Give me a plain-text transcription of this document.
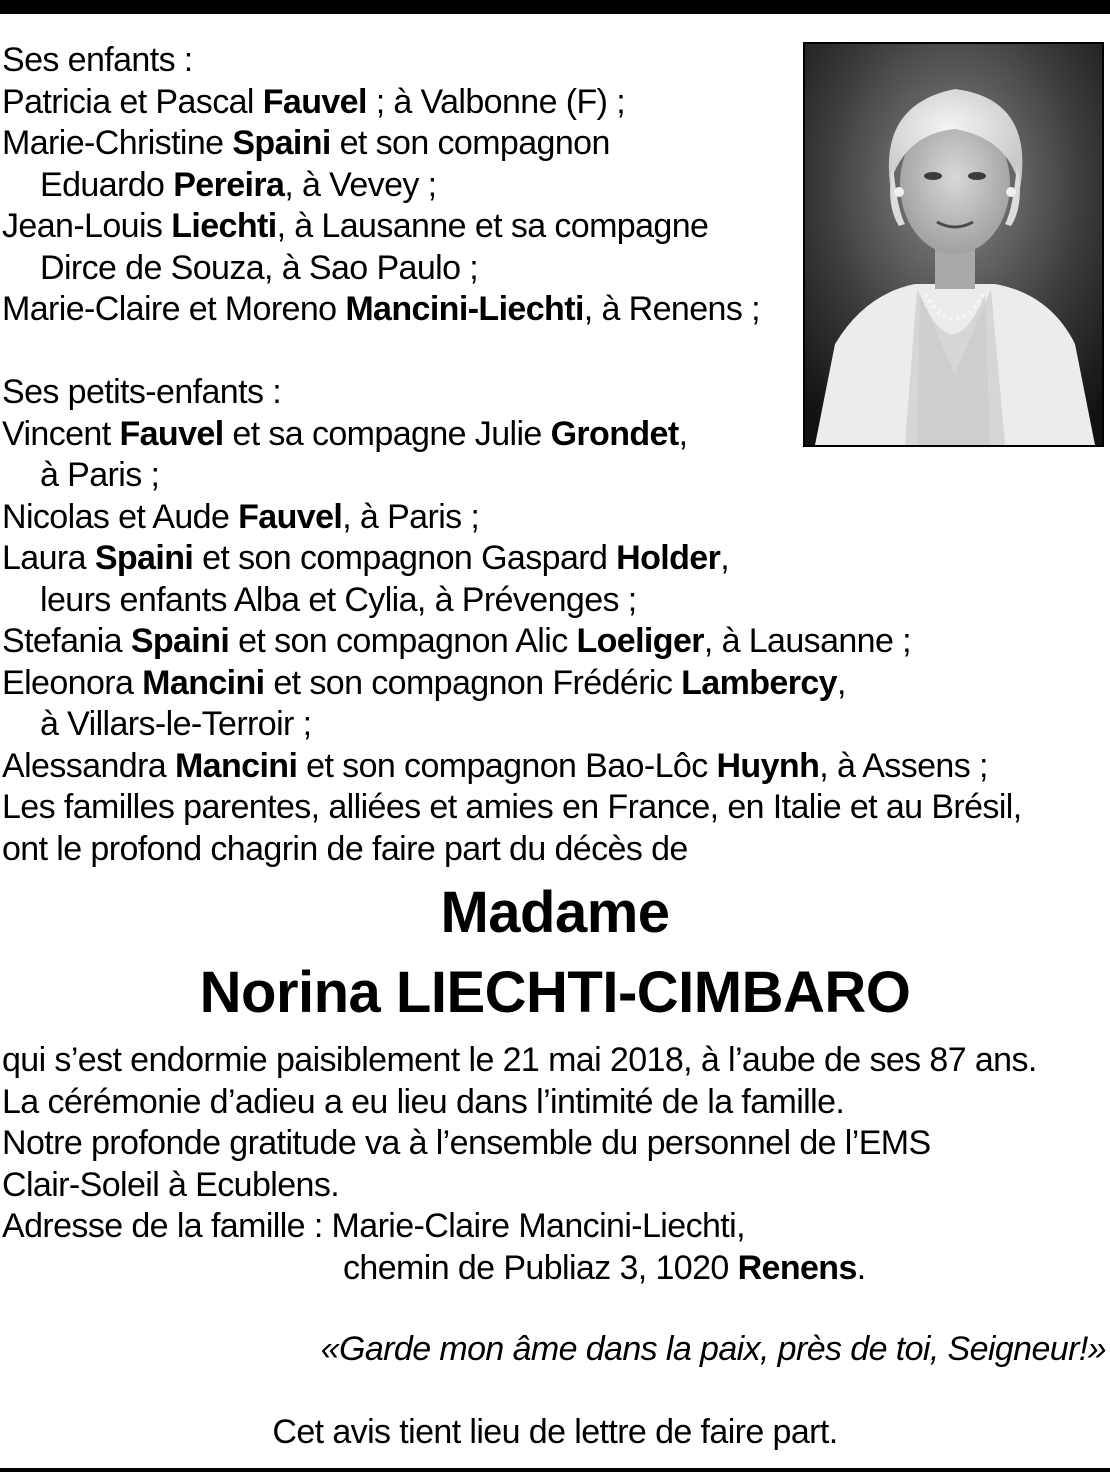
Ses enfants :
Patricia et Pascal Fauvel ; à Valbonne (F) ;
Marie-Christine Spaini et son compagnon
Eduardo Pereira, à Vevey ;
Jean-Louis Liechti, à Lausanne et sa compagne
Dirce de Souza, à Sao Paulo ;
Marie-Claire et Moreno Mancini-Liechti, à Renens ;
Ses petits-enfants :
Vincent Fauvel et sa compagne Julie Grondet,
à Paris ;
Nicolas et Aude Fauvel, à Paris ;
Laura Spaini et son compagnon Gaspard Holder,
leurs enfants Alba et Cylia, à Prévenges ;
Stefania Spaini et son compagnon Alic Loeliger, à Lausanne ;
Eleonora Mancini et son compagnon Frédéric Lambercy,
à Villars-le-Terroir ;
Alessandra Mancini et son compagnon Bao-Lôc Huynh, à Assens ;
Les familles parentes, alliées et amies en France, en Italie et au Brésil,
ont le profond chagrin de faire part du décès de
Madame
Norina LIECHTI-CIMBARO
qui s’est endormie paisiblement le 21 mai 2018, à l’aube de ses 87 ans.
La cérémonie d’adieu a eu lieu dans l’intimité de la famille.
Notre profonde gratitude va à l’ensemble du personnel de l’EMS
Clair-Soleil à Ecublens.
Adresse de la famille : Marie-Claire Mancini-Liechti,
chemin de Publiaz 3, 1020 Renens.
«Garde mon âme dans la paix, près de toi, Seigneur!»
Cet avis tient lieu de lettre de faire part.
